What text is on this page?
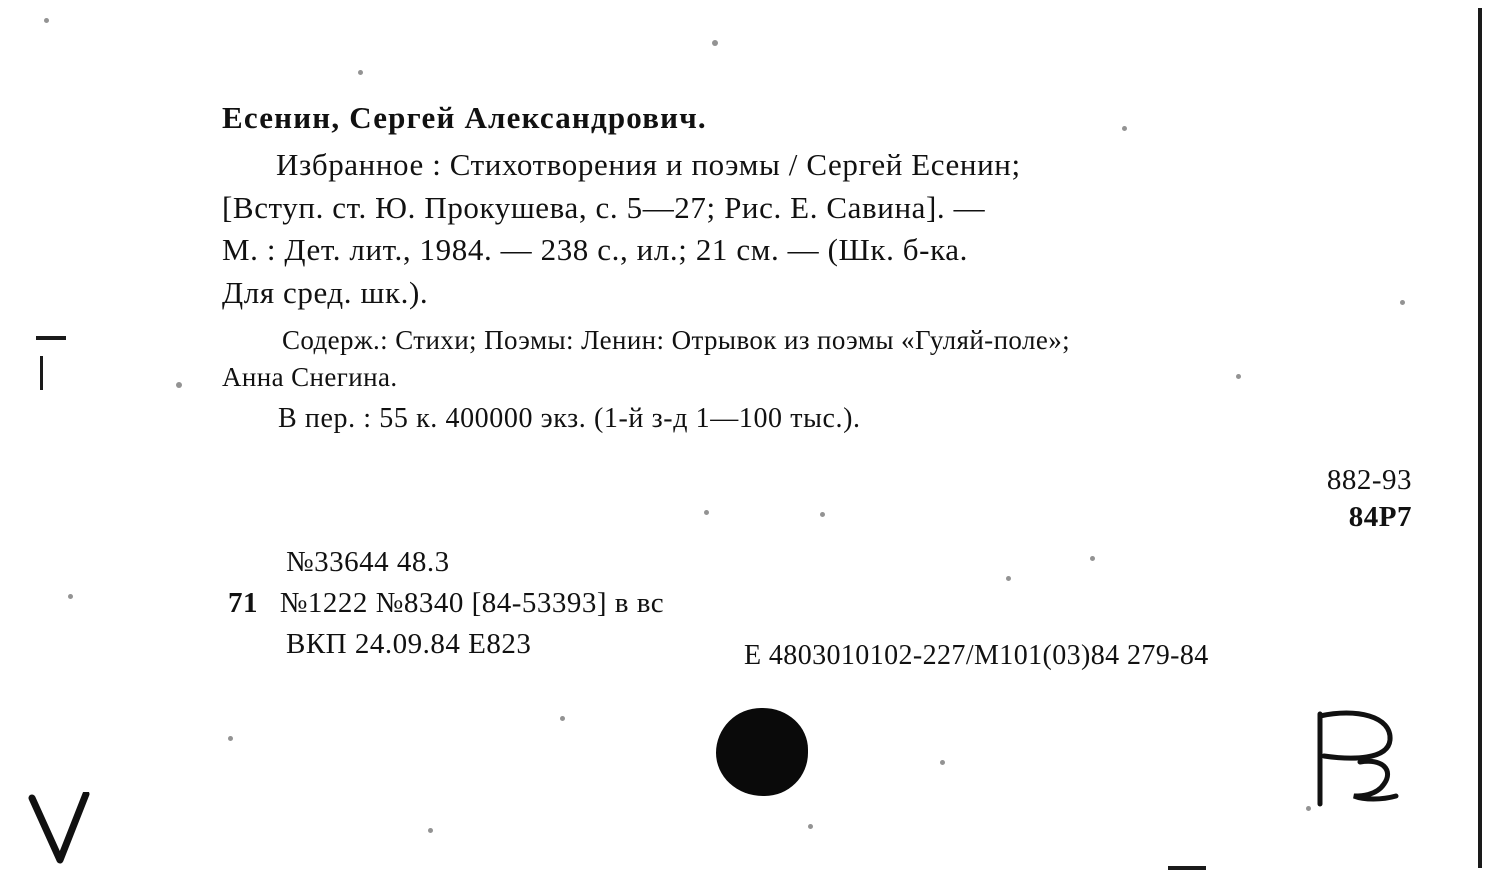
Есенин, Сергей Александрович.
Избранное : Стихотворения и поэмы / Сергей Есенин;
[Вступ. ст. Ю. Прокушева, с. 5—27; Рис. Е. Савина]. —
М. : Дет. лит., 1984. — 238 с., ил.; 21 см. — (Шк. б-ка.
Для сред. шк.).
Содерж.: Стихи; Поэмы: Ленин: Отрывок из поэмы «Гуляй-поле»;
Анна Снегина.
В пер. : 55 к. 400000 экз. (1-й з-д 1—100 тыс.).
882-93
84Р7
№33644 48.3
71 №1222 №8340 [84-53393] в вс
ВКП 24.09.84 Е823	Е 4803010102-227/М101(03)84 279-84
